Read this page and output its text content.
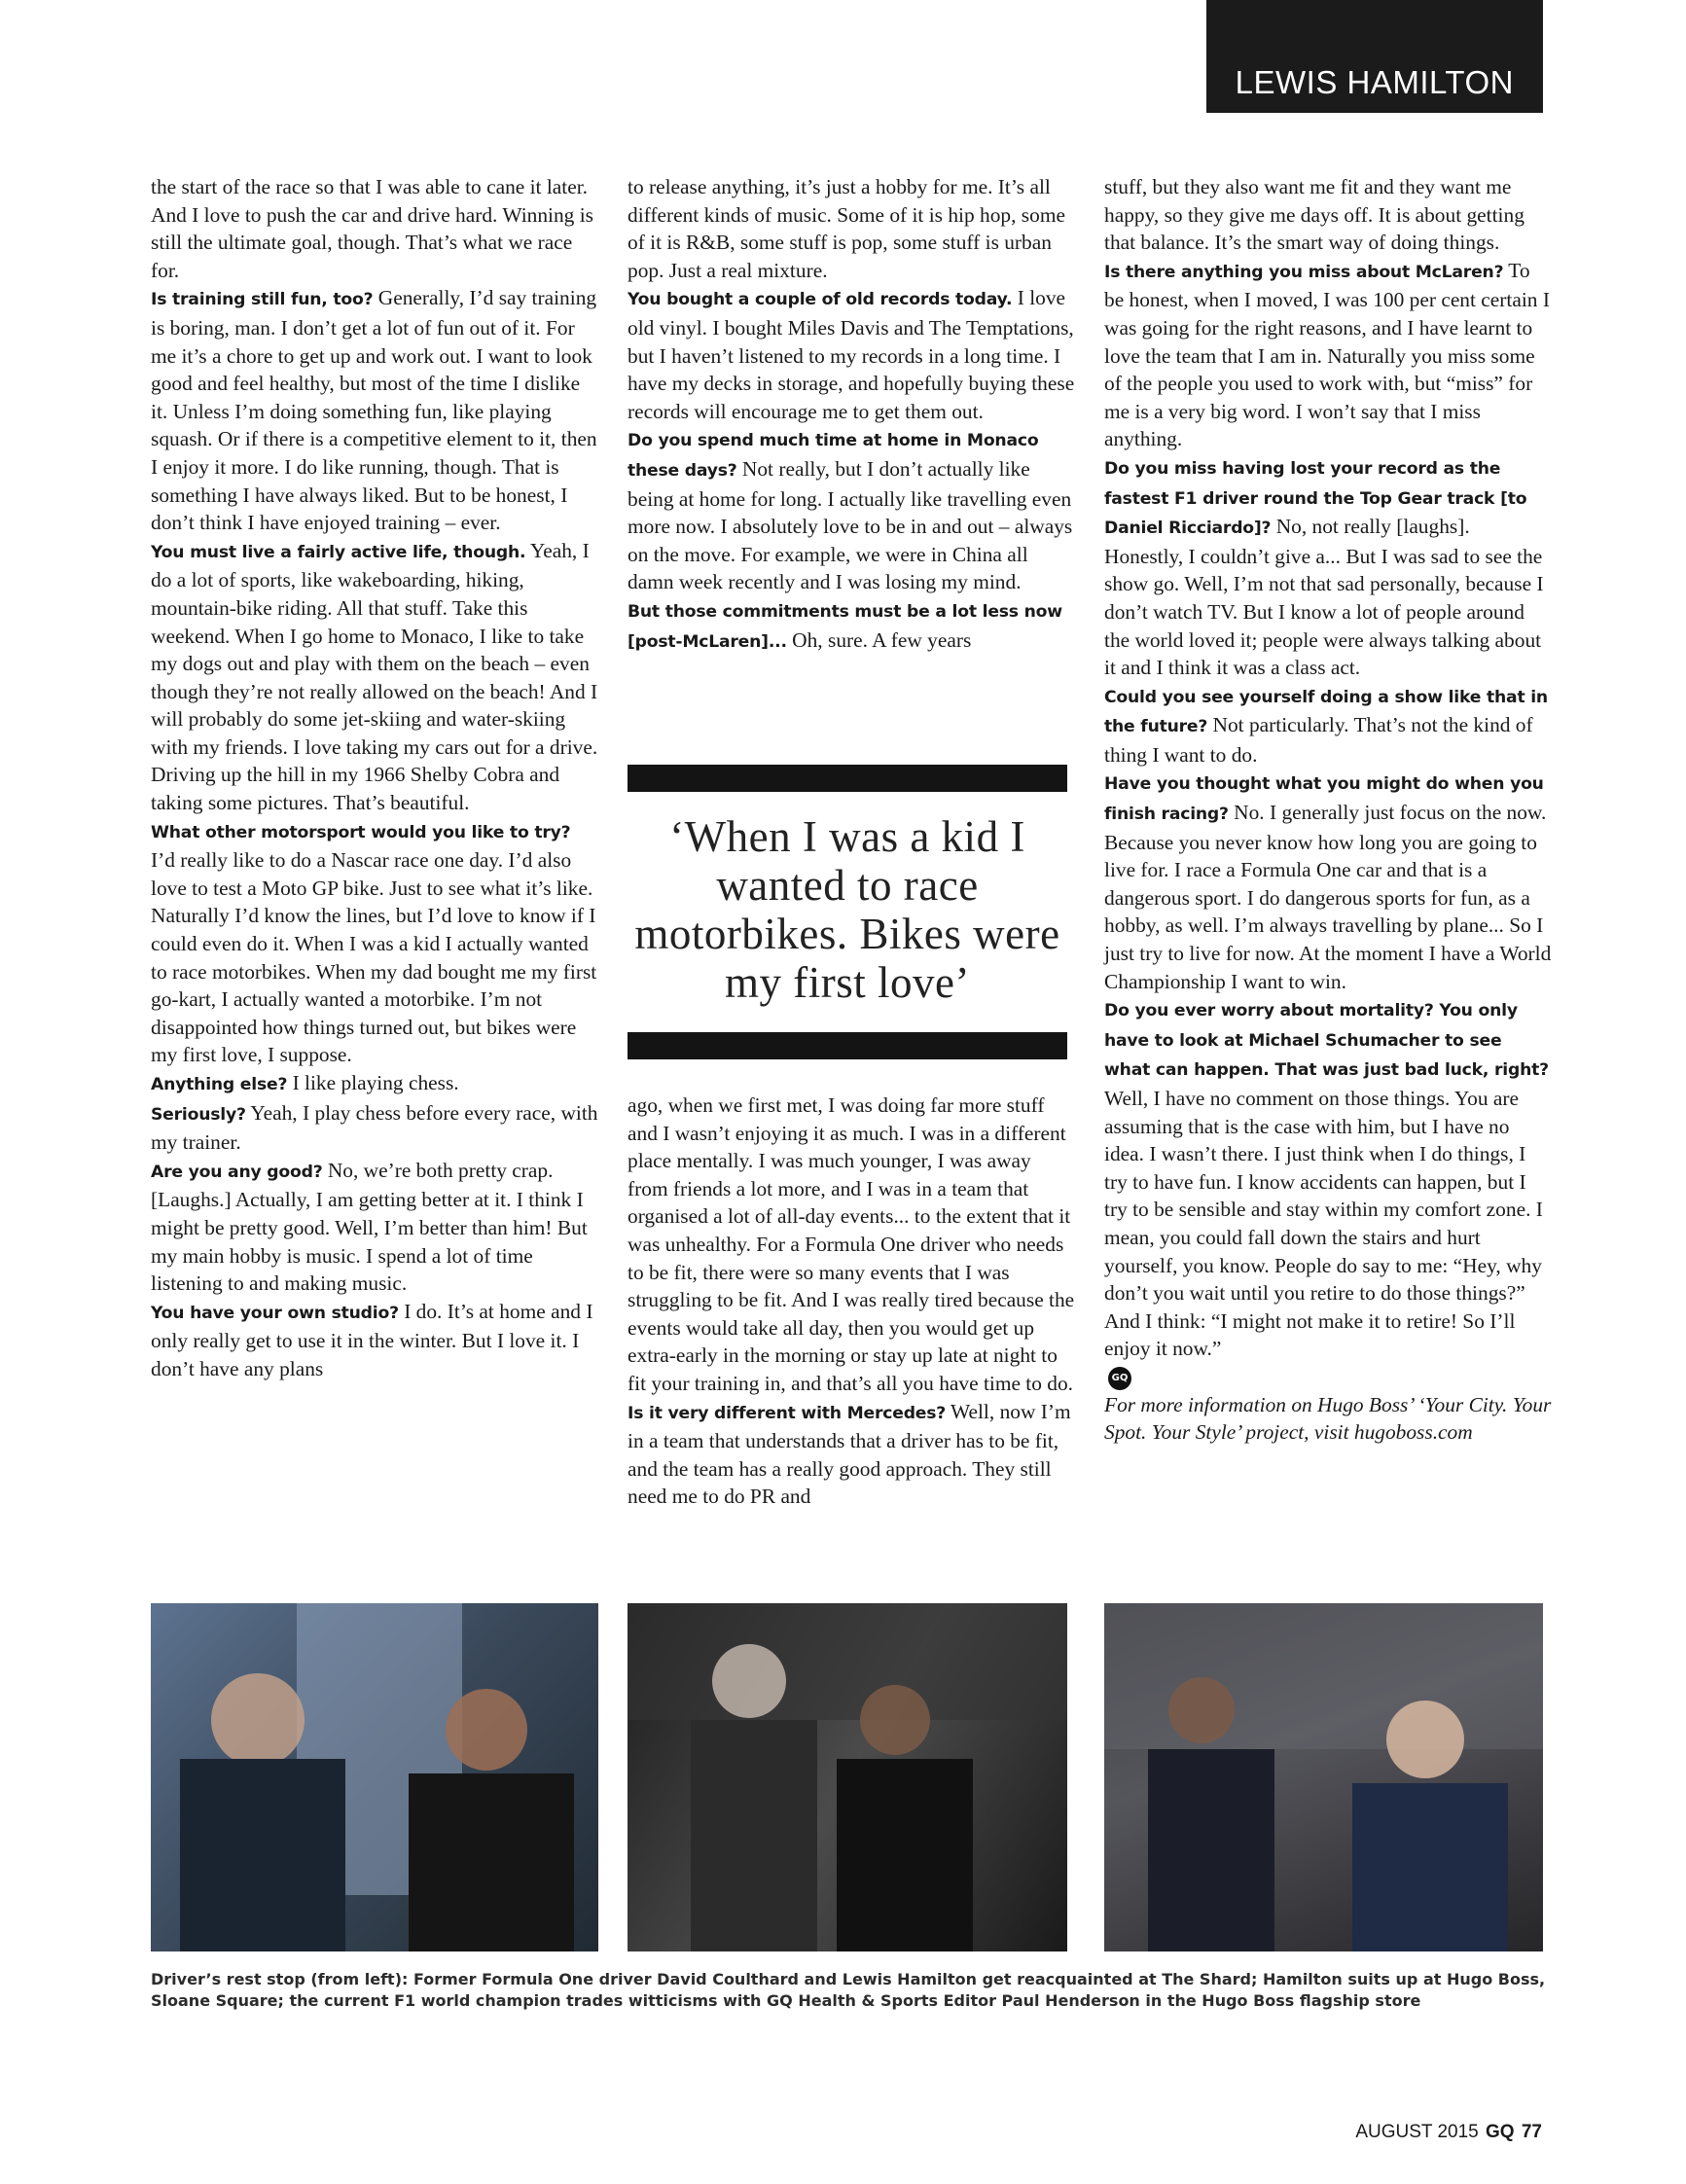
LEWIS HAMILTON

the start of the race so that I was able to cane it later. And I love to push the car and drive hard. Winning is still the ultimate goal, though. That’s what we race for.

Is training still fun, too? Generally, I’d say training is boring, man. I don’t get a lot of fun out of it. For me it’s a chore to get up and work out. I want to look good and feel healthy, but most of the time I dislike it. Unless I’m doing something fun, like playing squash. Or if there is a competitive element to it, then I enjoy it more. I do like running, though. That is something I have always liked. But to be honest, I don’t think I have enjoyed training – ever.

You must live a fairly active life, though. Yeah, I do a lot of sports, like wakeboarding, hiking, mountain-bike riding. All that stuff. Take this weekend. When I go home to Monaco, I like to take my dogs out and play with them on the beach – even though they’re not really allowed on the beach! And I will probably do some jet-skiing and water-skiing with my friends. I love taking my cars out for a drive. Driving up the hill in my 1966 Shelby Cobra and taking some pictures. That’s beautiful.

What other motorsport would you like to try? I’d really like to do a Nascar race one day. I’d also love to test a Moto GP bike. Just to see what it’s like. Naturally I’d know the lines, but I’d love to know if I could even do it. When I was a kid I actually wanted to race motorbikes. When my dad bought me my first go-kart, I actually wanted a motorbike. I’m not disappointed how things turned out, but bikes were my first love, I suppose.

Anything else? I like playing chess.

Seriously? Yeah, I play chess before every race, with my trainer.

Are you any good? No, we’re both pretty crap. [Laughs.] Actually, I am getting better at it. I think I might be pretty good. Well, I’m better than him! But my main hobby is music. I spend a lot of time listening to and making music.

You have your own studio? I do. It’s at home and I only really get to use it in the winter. But I love it. I don’t have any plans

to release anything, it’s just a hobby for me. It’s all different kinds of music. Some of it is hip hop, some of it is R&B, some stuff is pop, some stuff is urban pop. Just a real mixture.

You bought a couple of old records today. I love old vinyl. I bought Miles Davis and The Temptations, but I haven’t listened to my records in a long time. I have my decks in storage, and hopefully buying these records will encourage me to get them out.

Do you spend much time at home in Monaco these days? Not really, but I don’t actually like being at home for long. I actually like travelling even more now. I absolutely love to be in and out – always on the move. For example, we were in China all damn week recently and I was losing my mind.

But those commitments must be a lot less now [post-McLaren]... Oh, sure. A few years

‘When I was a kid I wanted to race motorbikes. Bikes were my first love’

ago, when we first met, I was doing far more stuff and I wasn’t enjoying it as much. I was in a different place mentally. I was much younger, I was away from friends a lot more, and I was in a team that organised a lot of all-day events... to the extent that it was unhealthy. For a Formula One driver who needs to be fit, there were so many events that I was struggling to be fit. And I was really tired because the events would take all day, then you would get up extra-early in the morning or stay up late at night to fit your training in, and that’s all you have time to do.

Is it very different with Mercedes? Well, now I’m in a team that understands that a driver has to be fit, and the team has a really good approach. They still need me to do PR and

stuff, but they also want me fit and they want me happy, so they give me days off. It is about getting that balance. It’s the smart way of doing things.

Is there anything you miss about McLaren? To be honest, when I moved, I was 100 per cent certain I was going for the right reasons, and I have learnt to love the team that I am in. Naturally you miss some of the people you used to work with, but “miss” for me is a very big word. I won’t say that I miss anything.

Do you miss having lost your record as the fastest F1 driver round the Top Gear track [to Daniel Ricciardo]? No, not really [laughs]. Honestly, I couldn’t give a... But I was sad to see the show go. Well, I’m not that sad personally, because I don’t watch TV. But I know a lot of people around the world loved it; people were always talking about it and I think it was a class act.

Could you see yourself doing a show like that in the future? Not particularly. That’s not the kind of thing I want to do.

Have you thought what you might do when you finish racing? No. I generally just focus on the now. Because you never know how long you are going to live for. I race a Formula One car and that is a dangerous sport. I do dangerous sports for fun, as a hobby, as well. I’m always travelling by plane... So I just try to live for now. At the moment I have a World Championship I want to win.

Do you ever worry about mortality? You only have to look at Michael Schumacher to see what can happen. That was just bad luck, right? Well, I have no comment on those things. You are assuming that is the case with him, but I have no idea. I wasn’t there. I just think when I do things, I try to have fun. I know accidents can happen, but I try to be sensible and stay within my comfort zone. I mean, you could fall down the stairs and hurt yourself, you know. People do say to me: “Hey, why don’t you wait until you retire to do those things?” And I think: “I might not make it to retire! So I’ll enjoy it now.”

GQ

For more information on Hugo Boss’ ‘Your City. Your Spot. Your Style’ project, visit hugoboss.com

Driver’s rest stop (from left): Former Formula One driver David Coulthard and Lewis Hamilton get reacquainted at The Shard; Hamilton suits up at Hugo Boss, Sloane Square; the current F1 world champion trades witticisms with GQ Health & Sports Editor Paul Henderson in the Hugo Boss flagship store
AUGUST 2015 GQ 77
